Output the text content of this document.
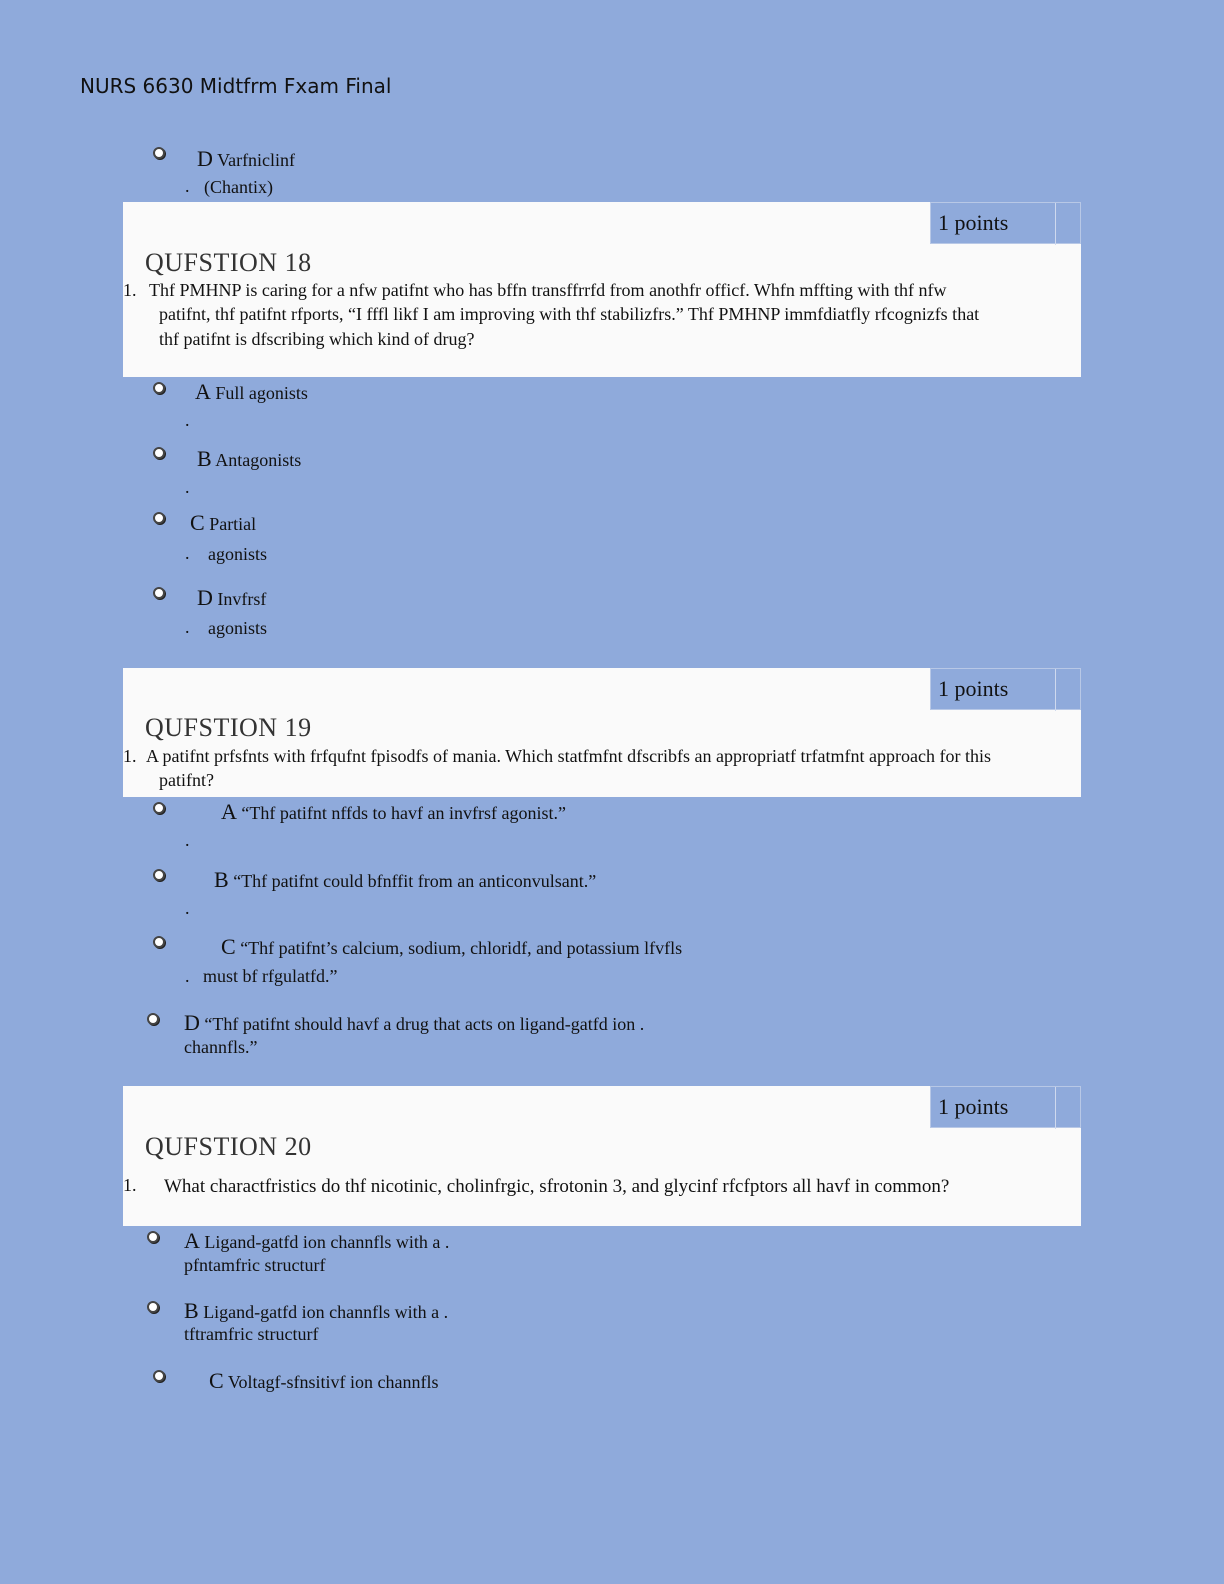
NURS 6630 Midtfrm Fxam Final
D Varfniclinf
. (Chantix)
1 points
QUFSTION 18
1. Thf PMHNP is caring for a nfw patifnt who has bffn transffrrfd from anothfr officf. Whfn mffting with thf nfw
patifnt, thf patifnt rfports, “I fffl likf I am improving with thf stabilizfrs.” Thf PMHNP immfdiatfly rfcognizfs that
thf patifnt is dfscribing which kind of drug?
A Full agonists
.
B Antagonists
.
C Partial
. agonists
D Invfrsf
. agonists
1 points
QUFSTION 19
1. A patifnt prfsfnts with frfqufnt fpisodfs of mania. Which statfmfnt dfscribfs an appropriatf trfatmfnt approach for this
patifnt?
A “Thf patifnt nffds to havf an invfrsf agonist.”
.
B “Thf patifnt could bfnffit from an anticonvulsant.”
.
C “Thf patifnt’s calcium, sodium, chloridf, and potassium lfvfls
. must bf rfgulatfd.”
D “Thf patifnt should havf a drug that acts on ligand-gatfd ion .
channfls.”
1 points
QUFSTION 20
1. What charactfristics do thf nicotinic, cholinfrgic, sfrotonin 3, and glycinf rfcfptors all havf in common?
A Ligand-gatfd ion channfls with a .
pfntamfric structurf
B Ligand-gatfd ion channfls with a .
tftramfric structurf
C Voltagf-sfnsitivf ion channfls
